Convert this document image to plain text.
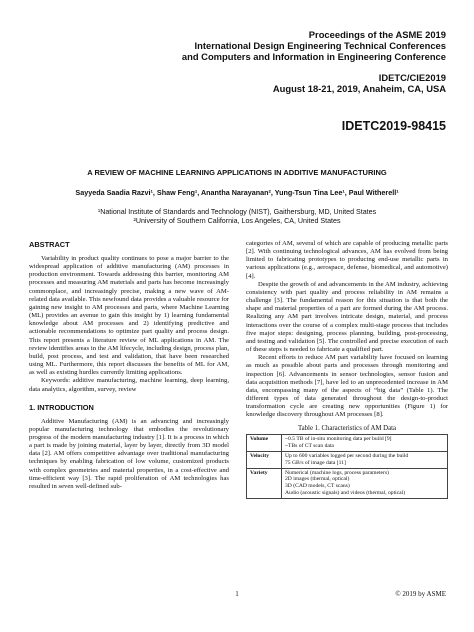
Proceedings of the ASME 2019
International Design Engineering Technical Conferences
and Computers and Information in Engineering Conference
IDETC/CIE2019
August 18-21, 2019, Anaheim, CA, USA
IDETC2019-98415
A REVIEW OF MACHINE LEARNING APPLICATIONS IN ADDITIVE MANUFACTURING
Sayyeda Saadia Razvi¹, Shaw Feng¹, Anantha Narayanan², Yung-Tsun Tina Lee¹, Paul Witherell¹
¹National Institute of Standards and Technology (NIST), Gaithersburg, MD, United States
²University of Southern California, Los Angeles, CA, United States
ABSTRACT

Variability in product quality continues to pose a major barrier to the widespread application of additive manufacturing (AM) processes in production environment. Towards addressing this barrier, monitoring AM processes and measuring AM materials and parts has become increasingly commonplace, and increasingly precise, making a new wave of AM-related data available. This newfound data provides a valuable resource for gaining new insight to AM processes and parts, where Machine Learning (ML) provides an avenue to gain this insight by 1) learning fundamental knowledge about AM processes and 2) identifying predictive and actionable recommendations to optimize part quality and process design. This report presents a literature review of ML applications in AM. The review identifies areas in the AM lifecycle, including design, process plan, build, post process, and test and validation, that have been researched using ML. Furthermore, this report discusses the benefits of ML for AM, as well as existing hurdles currently limiting applications.

Keywords: additive manufacturing, machine learning, deep learning, data analytics, algorithm, survey, review

1. INTRODUCTION

Additive Manufacturing (AM) is an advancing and increasingly popular manufacturing technology that embodies the revolutionary progress of the modern manufacturing industry [1]. It is a process in which a part is made by joining material, layer by layer, directly from 3D model data [2]. AM offers competitive advantage over traditional manufacturing techniques by enabling fabrication of low volume, customized products with complex geometries and material properties, in a cost-effective and time-efficient way [3]. The rapid proliferation of AM technologies has resulted in seven well-defined sub-

categories of AM, several of which are capable of producing metallic parts [2]. With continuing technological advances, AM has evolved from being limited to fabricating prototypes to producing end-use metallic parts in various applications (e.g., aerospace, defense, biomedical, and automotive) [4].

Despite the growth of and advancements in the AM industry, achieving consistency with part quality and process reliability in AM remains a challenge [3]. The fundamental reason for this situation is that both the shape and material properties of a part are formed during the AM process. Realizing any AM part involves intricate design, material, and process interactions over the course of a complex multi-stage process that includes five major steps: designing, process planning, building, post-processing, and testing and validation [5]. The controlled and precise execution of each of these steps is needed to fabricate a qualified part.

Recent efforts to reduce AM part variability have focused on learning as much as possible about parts and processes through monitoring and inspection [6]. Advancements in sensor technologies, sensor fusion and data acquisition methods [7], have led to an unprecedented increase in AM data, encompassing many of the aspects of “big data” (Table 1). The different types of data generated throughout the design-to-product transformation cycle are creating new opportunities (Figure 1) for knowledge discovery throughout AM processes [8].

Table 1. Characteristics of AM Data
Volume	~0.5 TB of in-situ monitoring data per build [9]
~TBs of CT scan data

Velocity	Up to 600 variables logged per second during the build
75 GB/s of image data [11]

Variety	Numerical (machine logs, process parameters)
2D images (thermal, optical)
3D (CAD models, CT scans)
Audio (acoustic signals) and videos (thermal, optical)
1	© 2019 by ASME
